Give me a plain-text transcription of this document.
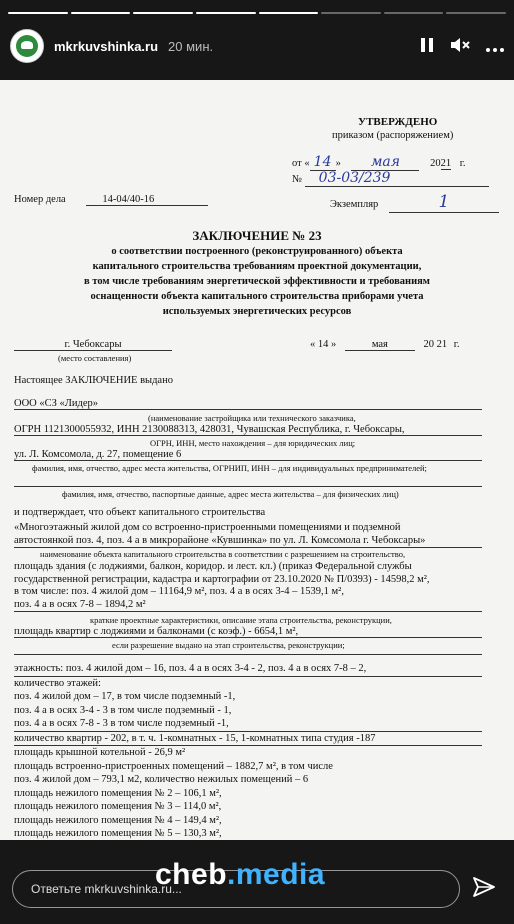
mkrkuvshinka.ru 20 мин.
УТВЕРЖДЕНО
приказом (распоряжением)
от « 14 » мая	2021 г.
№ 03-03/239
Номер дела	14-04/40-16	Экземпляр	1
ЗАКЛЮЧЕНИЕ № 23
о соответствии построенного (реконструированного) объекта
капитального строительства требованиям проектной документации,
в том числе требованиям энергетической эффективности и требованиям
оснащенности объекта капитального строительства приборами учета
используемых энергетических ресурсов
г. Чебоксары
(место составления)
« 14 »	мая	20 21 г.
Настоящее ЗАКЛЮЧЕНИЕ выдано
ООО «СЗ «Лидер»
(наименование застройщика или технического заказчика,
ОГРН 1121300055932, ИНН 2130088313, 428031, Чувашская Республика, г. Чебоксары,
ОГРН, ИНН, место нахождения – для юридических лиц;
ул. Л. Комсомола, д. 27, помещение 6
фамилия, имя, отчество, адрес места жительства, ОГРНИП, ИНН – для индивидуальных предпринимателей;
фамилия, имя, отчество, паспортные данные, адрес места жительства – для физических лиц)
и подтверждает, что объект капитального строительства
«Многоэтажный жилой дом со встроенно-пристроенными помещениями и подземной
автостоянкой поз. 4, поз. 4 а в микрорайоне «Кувшинка» по ул. Л. Комсомола г. Чебоксары»
наименование объекта капитального строительства в соответствии с разрешением на строительство,
площадь здания (с лоджиями, балкон, коридор. и лест. кл.) (приказ Федеральной службы
государственной регистрации, кадастра и картографии от 23.10.2020 № П/0393) - 14598,2 м²,
в том числе: поз. 4 жилой дом – 11164,9 м², поз. 4 а в осях 3-4 – 1539,1 м²,
поз. 4 а в осях 7-8 – 1894,2 м²
краткие проектные характеристики, описание этапа строительства, реконструкции,
площадь квартир с лоджиями и балконами (с коэф.) - 6654,1 м²,
если разрешение выдано на этап строительства, реконструкции;
этажность: поз. 4 жилой дом – 16, поз. 4 а в осях 3-4 - 2, поз. 4 а в осях 7-8 – 2,
количество этажей:
поз. 4 жилой дом – 17, в том числе подземный -1,
поз. 4 а в осях 3-4 - 3 в том числе подземный - 1,
поз. 4 а в осях 7-8 - 3 в том числе подземный -1,
количество квартир - 202, в т. ч. 1-комнатных - 15, 1-комнатных типа студия -187
площадь крышной котельной - 26,9 м²
площадь встроенно-пристроенных помещений – 1882,7 м², в том числе
поз. 4 жилой дом – 793,1 м2, количество нежилых помещений – 6
площадь нежилого помещения № 2 – 106,1 м²,
площадь нежилого помещения № 3 – 114,0 м²,
площадь нежилого помещения № 4 – 149,4 м²,
площадь нежилого помещения № 5 – 130,3 м²,
Ответьте mkrkuvshinka.ru...
cheb.media
